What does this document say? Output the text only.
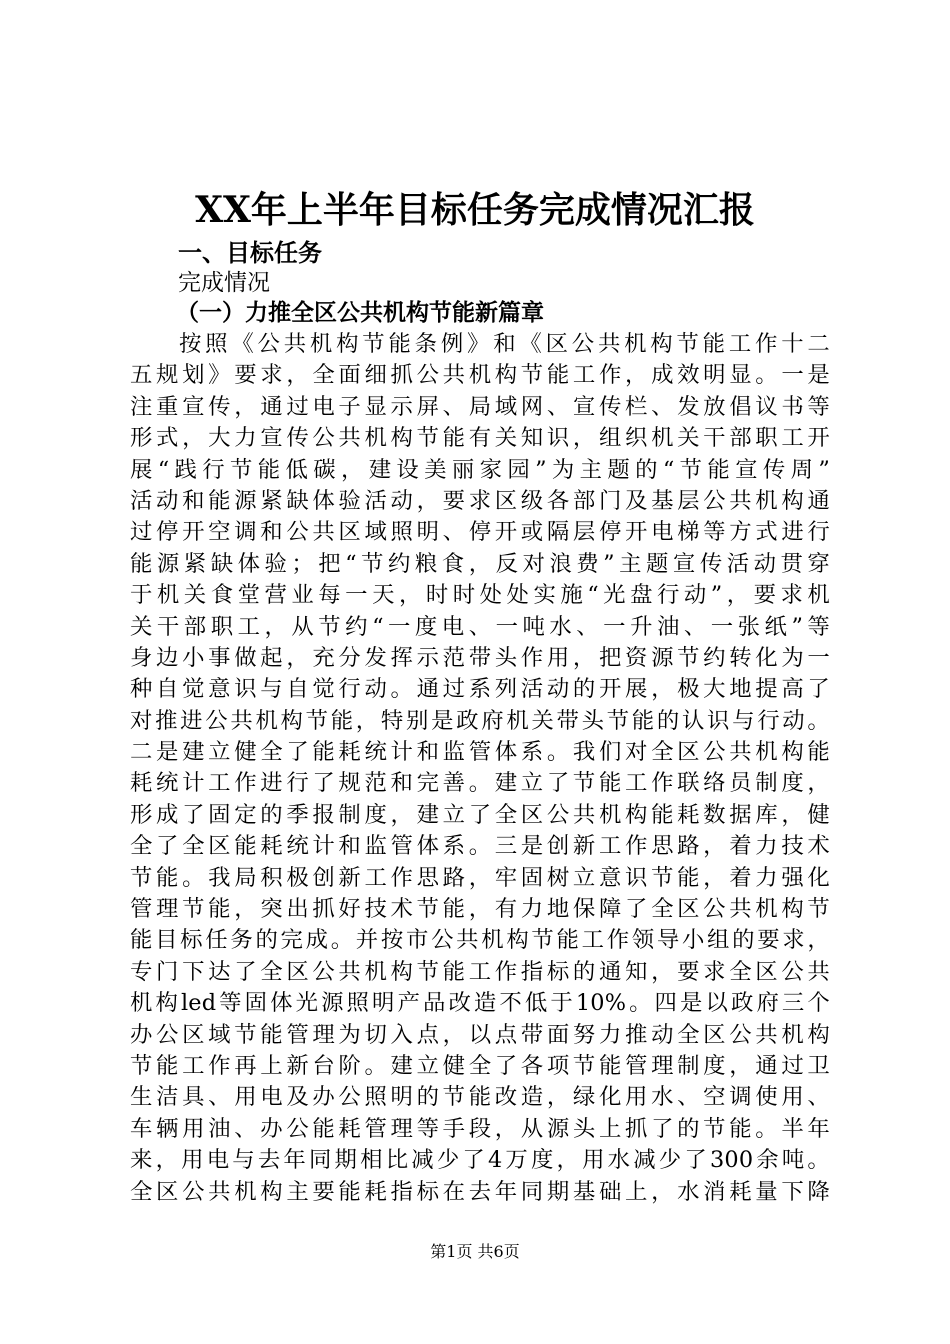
XX年上半年目标任务完成情况汇报
一、目标任务
完成情况
（一）力推全区公共机构节能新篇章
按照《公共机构节能条例》和《区公共机构节能工作十二
五规划》要求，全面细抓公共机构节能工作，成效明显。一是
注重宣传，通过电子显示屏、局域网、宣传栏、发放倡议书等
形式，大力宣传公共机构节能有关知识，组织机关干部职工开
展“践行节能低碳，建设美丽家园”为主题的“节能宣传周”
活动和能源紧缺体验活动，要求区级各部门及基层公共机构通
过停开空调和公共区域照明、停开或隔层停开电梯等方式进行
能源紧缺体验；把“节约粮食，反对浪费”主题宣传活动贯穿
于机关食堂营业每一天，时时处处实施“光盘行动”，要求机
关干部职工，从节约“一度电、一吨水、一升油、一张纸”等
身边小事做起，充分发挥示范带头作用，把资源节约转化为一
种自觉意识与自觉行动。通过系列活动的开展，极大地提高了
对推进公共机构节能，特别是政府机关带头节能的认识与行动。
二是建立健全了能耗统计和监管体系。我们对全区公共机构能
耗统计工作进行了规范和完善。建立了节能工作联络员制度，
形成了固定的季报制度，建立了全区公共机构能耗数据库，健
全了全区能耗统计和监管体系。三是创新工作思路，着力技术
节能。我局积极创新工作思路，牢固树立意识节能，着力强化
管理节能，突出抓好技术节能，有力地保障了全区公共机构节
能目标任务的完成。并按市公共机构节能工作领导小组的要求，
专门下达了全区公共机构节能工作指标的通知，要求全区公共
机构led等固体光源照明产品改造不低于10%。四是以政府三个
办公区域节能管理为切入点，以点带面努力推动全区公共机构
节能工作再上新台阶。建立健全了各项节能管理制度，通过卫
生洁具、用电及办公照明的节能改造，绿化用水、空调使用、
车辆用油、办公能耗管理等手段，从源头上抓了的节能。半年
来，用电与去年同期相比减少了4万度，用水减少了300余吨。
全区公共机构主要能耗指标在去年同期基础上，水消耗量下降
第1页 共6页
